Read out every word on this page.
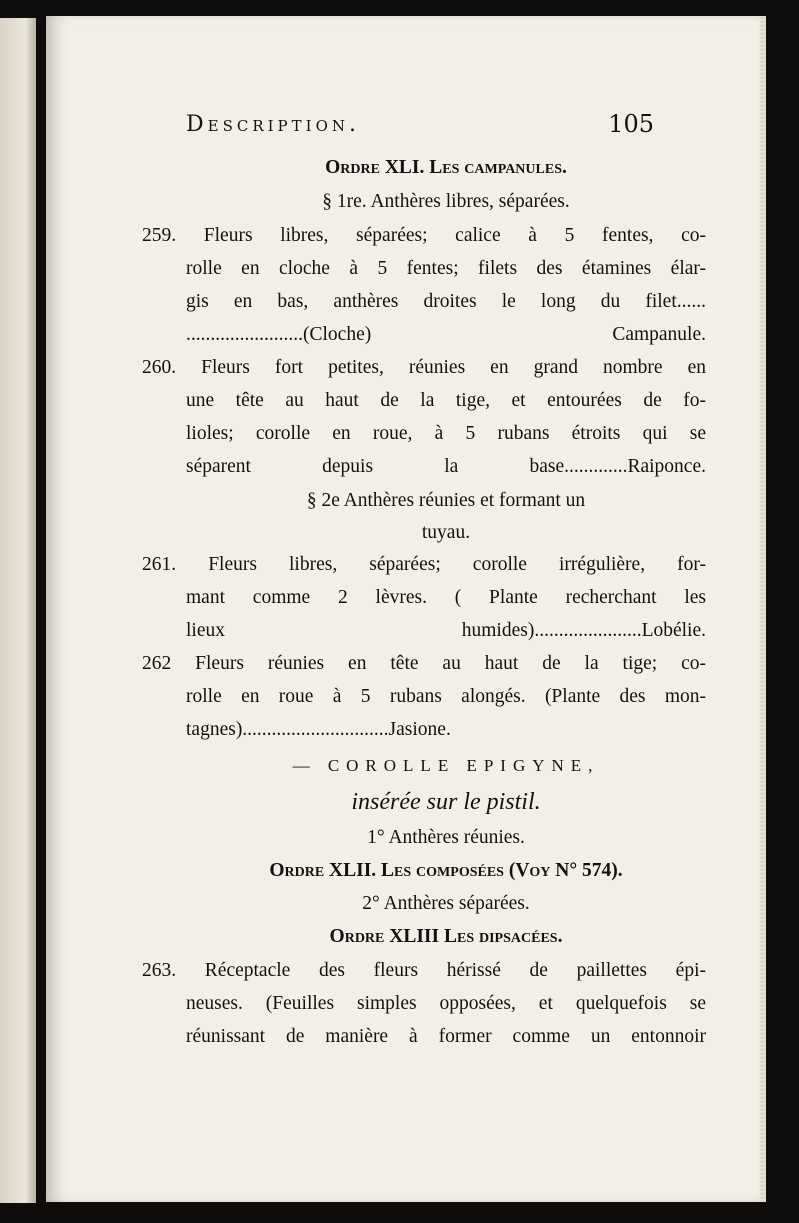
Description.	105
Ordre XLI. Les campanules.
§ 1re. Anthères libres, séparées.
259. Fleurs libres, séparées; calice à 5 fentes, co-
rolle en cloche à 5 fentes; filets des étamines élar-
gis en bas, anthères droites le long du filet......
........................(Cloche) Campanule.
260. Fleurs fort petites, réunies en grand nombre en
une tête au haut de la tige, et entourées de fo-
lioles; corolle en roue, à 5 rubans étroits qui se
séparent depuis la base.............Raiponce.
§ 2e Anthères réunies et formant un
tuyau.
261. Fleurs libres, séparées; corolle irrégulière, for-
mant comme 2 lèvres. ( Plante recherchant les
lieux humides)......................Lobélie.
262 Fleurs réunies en tête au haut de la tige; co-
rolle en roue à 5 rubans alongés. (Plante des mon-
tagnes)..............................Jasione.
— COROLLE EPIGYNE,
insérée sur le pistil.
1° Anthères réunies.
Ordre XLII. Les composées (Voy N° 574).
2° Anthères séparées.
Ordre XLIII Les dipsacées.
263. Réceptacle des fleurs hérissé de paillettes épi-
neuses. (Feuilles simples opposées, et quelquefois se
réunissant de manière à former comme un entonnoir
